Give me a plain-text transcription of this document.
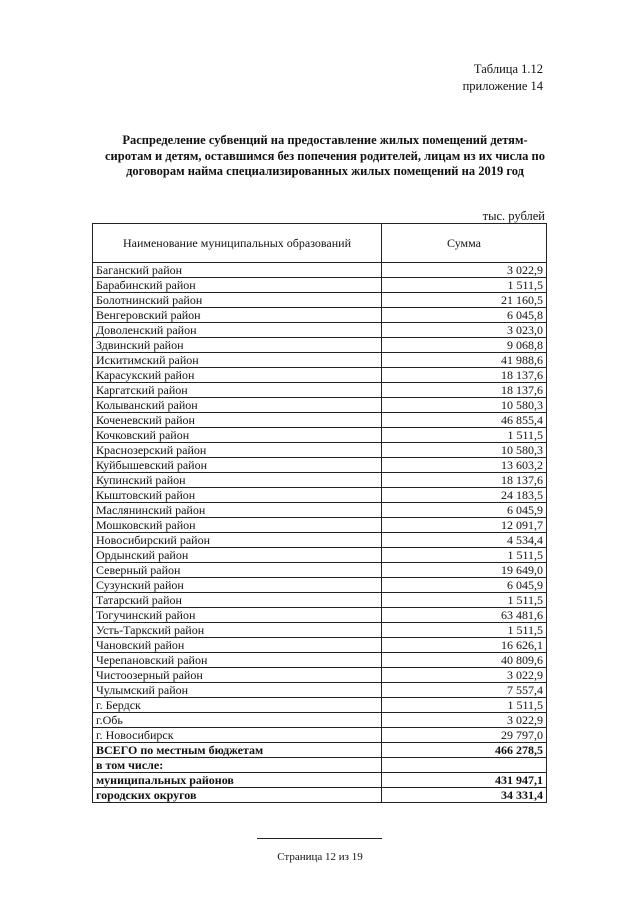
Таблица 1.12
приложение 14
Распределение субвенций на предоставление жилых помещений детям-
сиротам и детям, оставшимся без попечения родителей, лицам из их числа по
договорам найма специализированных жилых помещений на 2019 год
тыс. рублей
Наименование муниципальных образований	Сумма
Баганский район	3 022,9
Барабинский район	1 511,5
Болотнинский район	21 160,5
Венгеровский район	6 045,8
Доволенский район	3 023,0
Здвинский район	9 068,8
Искитимский район	41 988,6
Карасукский район	18 137,6
Каргатский район	18 137,6
Колыванский район	10 580,3
Коченевский район	46 855,4
Кочковский район	1 511,5
Краснозерский район	10 580,3
Куйбышевский район	13 603,2
Купинский район	18 137,6
Кыштовский район	24 183,5
Маслянинский район	6 045,9
Мошковский район	12 091,7
Новосибирский район	4 534,4
Ордынский район	1 511,5
Северный район	19 649,0
Сузунский район	6 045,9
Татарский район	1 511,5
Тогучинский район	63 481,6
Усть-Таркский район	1 511,5
Чановский район	16 626,1
Черепановский район	40 809,6
Чистоозерный район	3 022,9
Чулымский район	7 557,4
г. Бердск	1 511,5
г.Обь	3 022,9
г. Новосибирск	29 797,0
ВСЕГО по местным бюджетам	466 278,5
в том числе:	
муниципальных районов	431 947,1
городских округов	34 331,4
Страница 12 из 19
